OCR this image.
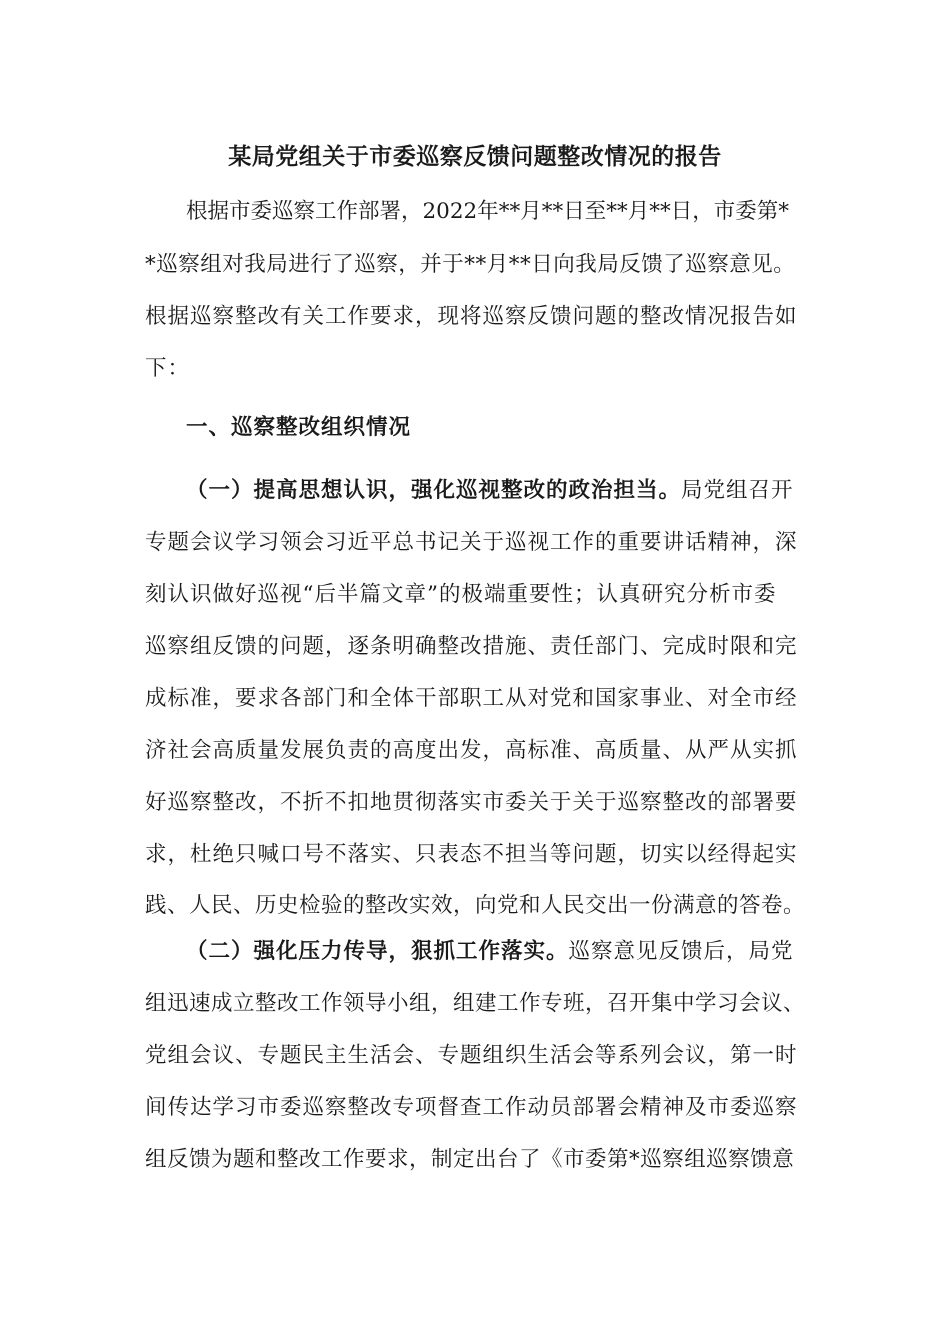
某局党组关于市委巡察反馈问题整改情况的报告
根据市委巡察工作部署，2022年**月**日至**月**日，市委第*
*巡察组对我局进行了巡察，并于**月**日向我局反馈了巡察意见。
根据巡察整改有关工作要求，现将巡察反馈问题的整改情况报告如
下：
一、巡察整改组织情况
（一）提高思想认识，强化巡视整改的政治担当。局党组召开
专题会议学习领会习近平总书记关于巡视工作的重要讲话精神，深
刻认识做好巡视“后半篇文章”的极端重要性；认真研究分析市委
巡察组反馈的问题，逐条明确整改措施、责任部门、完成时限和完
成标准，要求各部门和全体干部职工从对党和国家事业、对全市经
济社会高质量发展负责的高度出发，高标准、高质量、从严从实抓
好巡察整改，不折不扣地贯彻落实市委关于关于巡察整改的部署要
求，杜绝只喊口号不落实、只表态不担当等问题，切实以经得起实
践、人民、历史检验的整改实效，向党和人民交出一份满意的答卷。
（二）强化压力传导，狠抓工作落实。巡察意见反馈后，局党
组迅速成立整改工作领导小组，组建工作专班，召开集中学习会议、
党组会议、专题民主生活会、专题组织生活会等系列会议，第一时
间传达学习市委巡察整改专项督查工作动员部署会精神及市委巡察
组反馈为题和整改工作要求，制定出台了《市委第*巡察组巡察馈意
